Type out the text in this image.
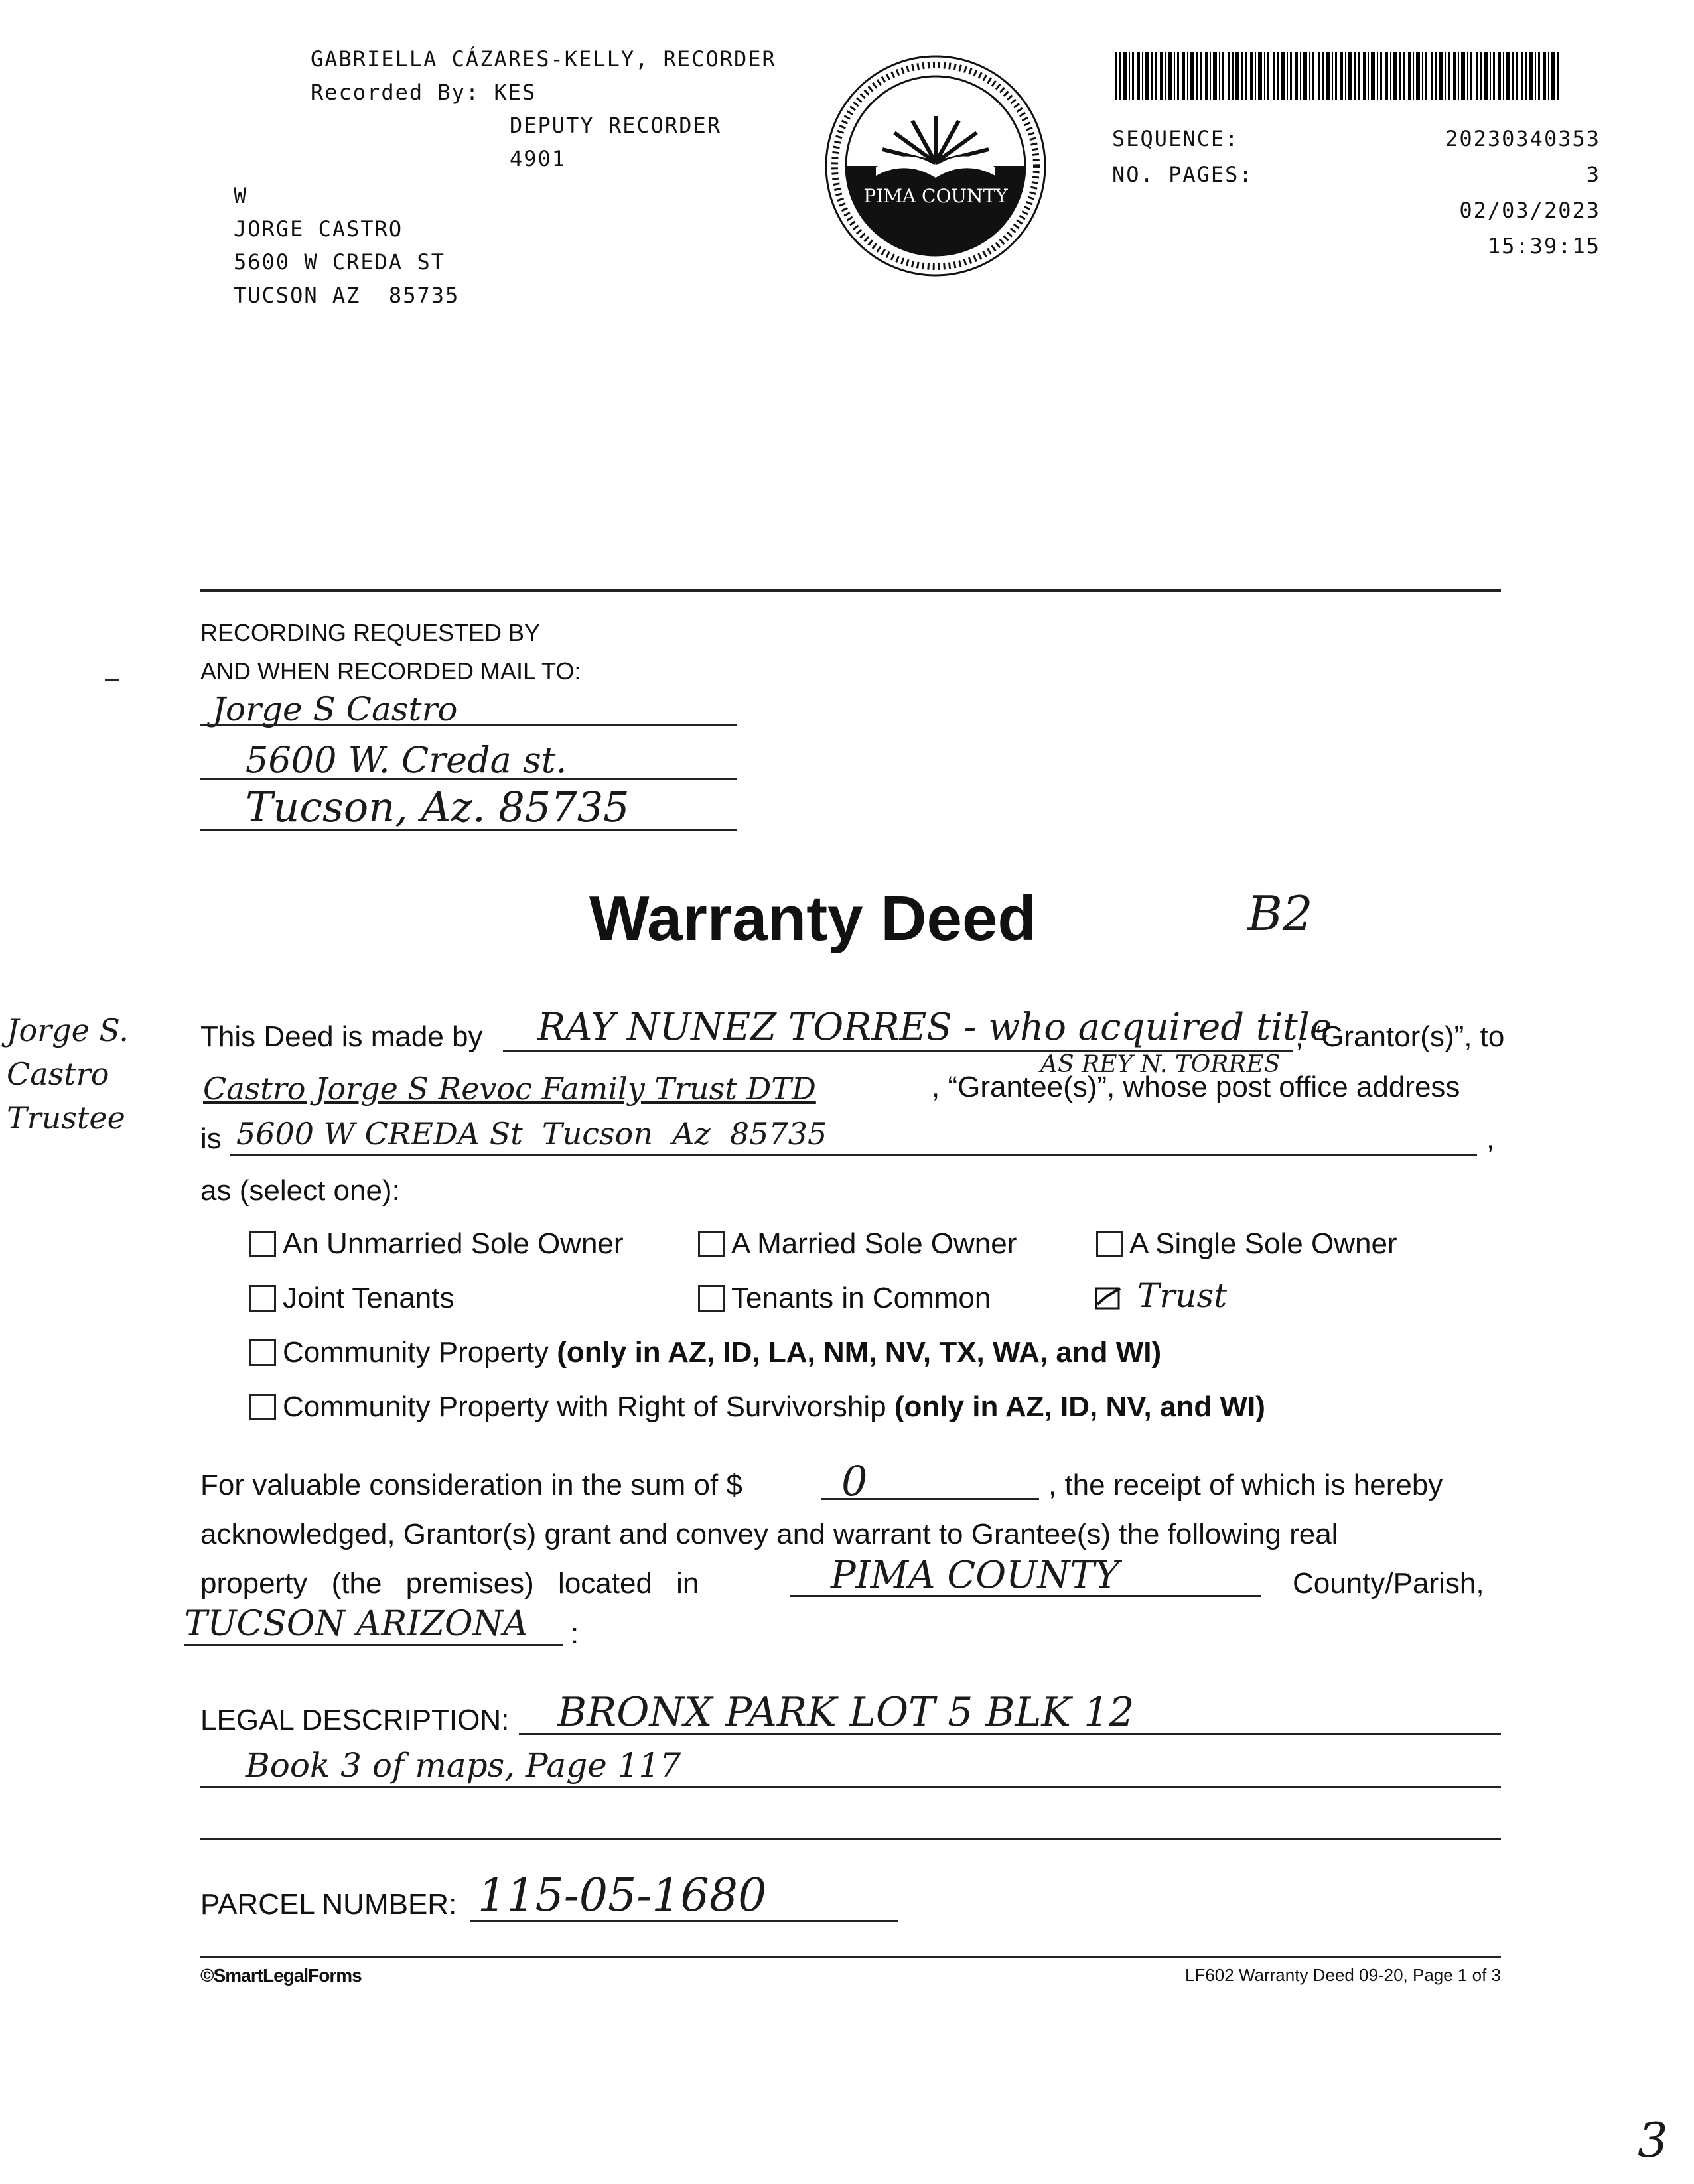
GABRIELLA CÁZARES-KELLY, RECORDER
Recorded By: KES
DEPUTY RECORDER
4901
W
JORGE CASTRO
5600 W CREDA ST
TUCSON AZ  85735
PIMA COUNTY
SEQUENCE:	20230340353
NO. PAGES:	3
02/03/2023
15:39:15
RECORDING REQUESTED BY
AND WHEN RECORDED MAIL TO:
Jorge S Castro
5600 W. Creda st.
Tucson, Az. 85735
Warranty Deed	B2
Jorge S.
Castro
Trustee
This Deed is made by RAY NUNEZ TORRES - who acquired title
, “Grantor(s)”, to
AS REY N. TORRES
Castro Jorge S Revoc Family Trust DTD	, “Grantee(s)”, whose post office address
is 5600 W CREDA St  Tucson  Az  85735	,
as (select one):
An Unmarried Sole Owner	A Married Sole Owner	A Single Sole Owner
Joint Tenants	Tenants in Common	Trust
Community Property (only in AZ, ID, LA, NM, NV, TX, WA, and WI)
Community Property with Right of Survivorship (only in AZ, ID, NV, and WI)
For valuable consideration in the sum of $ 0	, the receipt of which is hereby
acknowledged, Grantor(s) grant and convey and warrant to Grantee(s) the following real
property (the premises) located in	PIMA COUNTY	County/Parish,
TUCSON ARIZONA :
LEGAL DESCRIPTION: BRONX PARK LOT 5 BLK 12
Book 3 of maps, Page 117
PARCEL NUMBER: 115-05-1680
©SmartLegalForms	LF602 Warranty Deed 09-20, Page 1 of 3
3
